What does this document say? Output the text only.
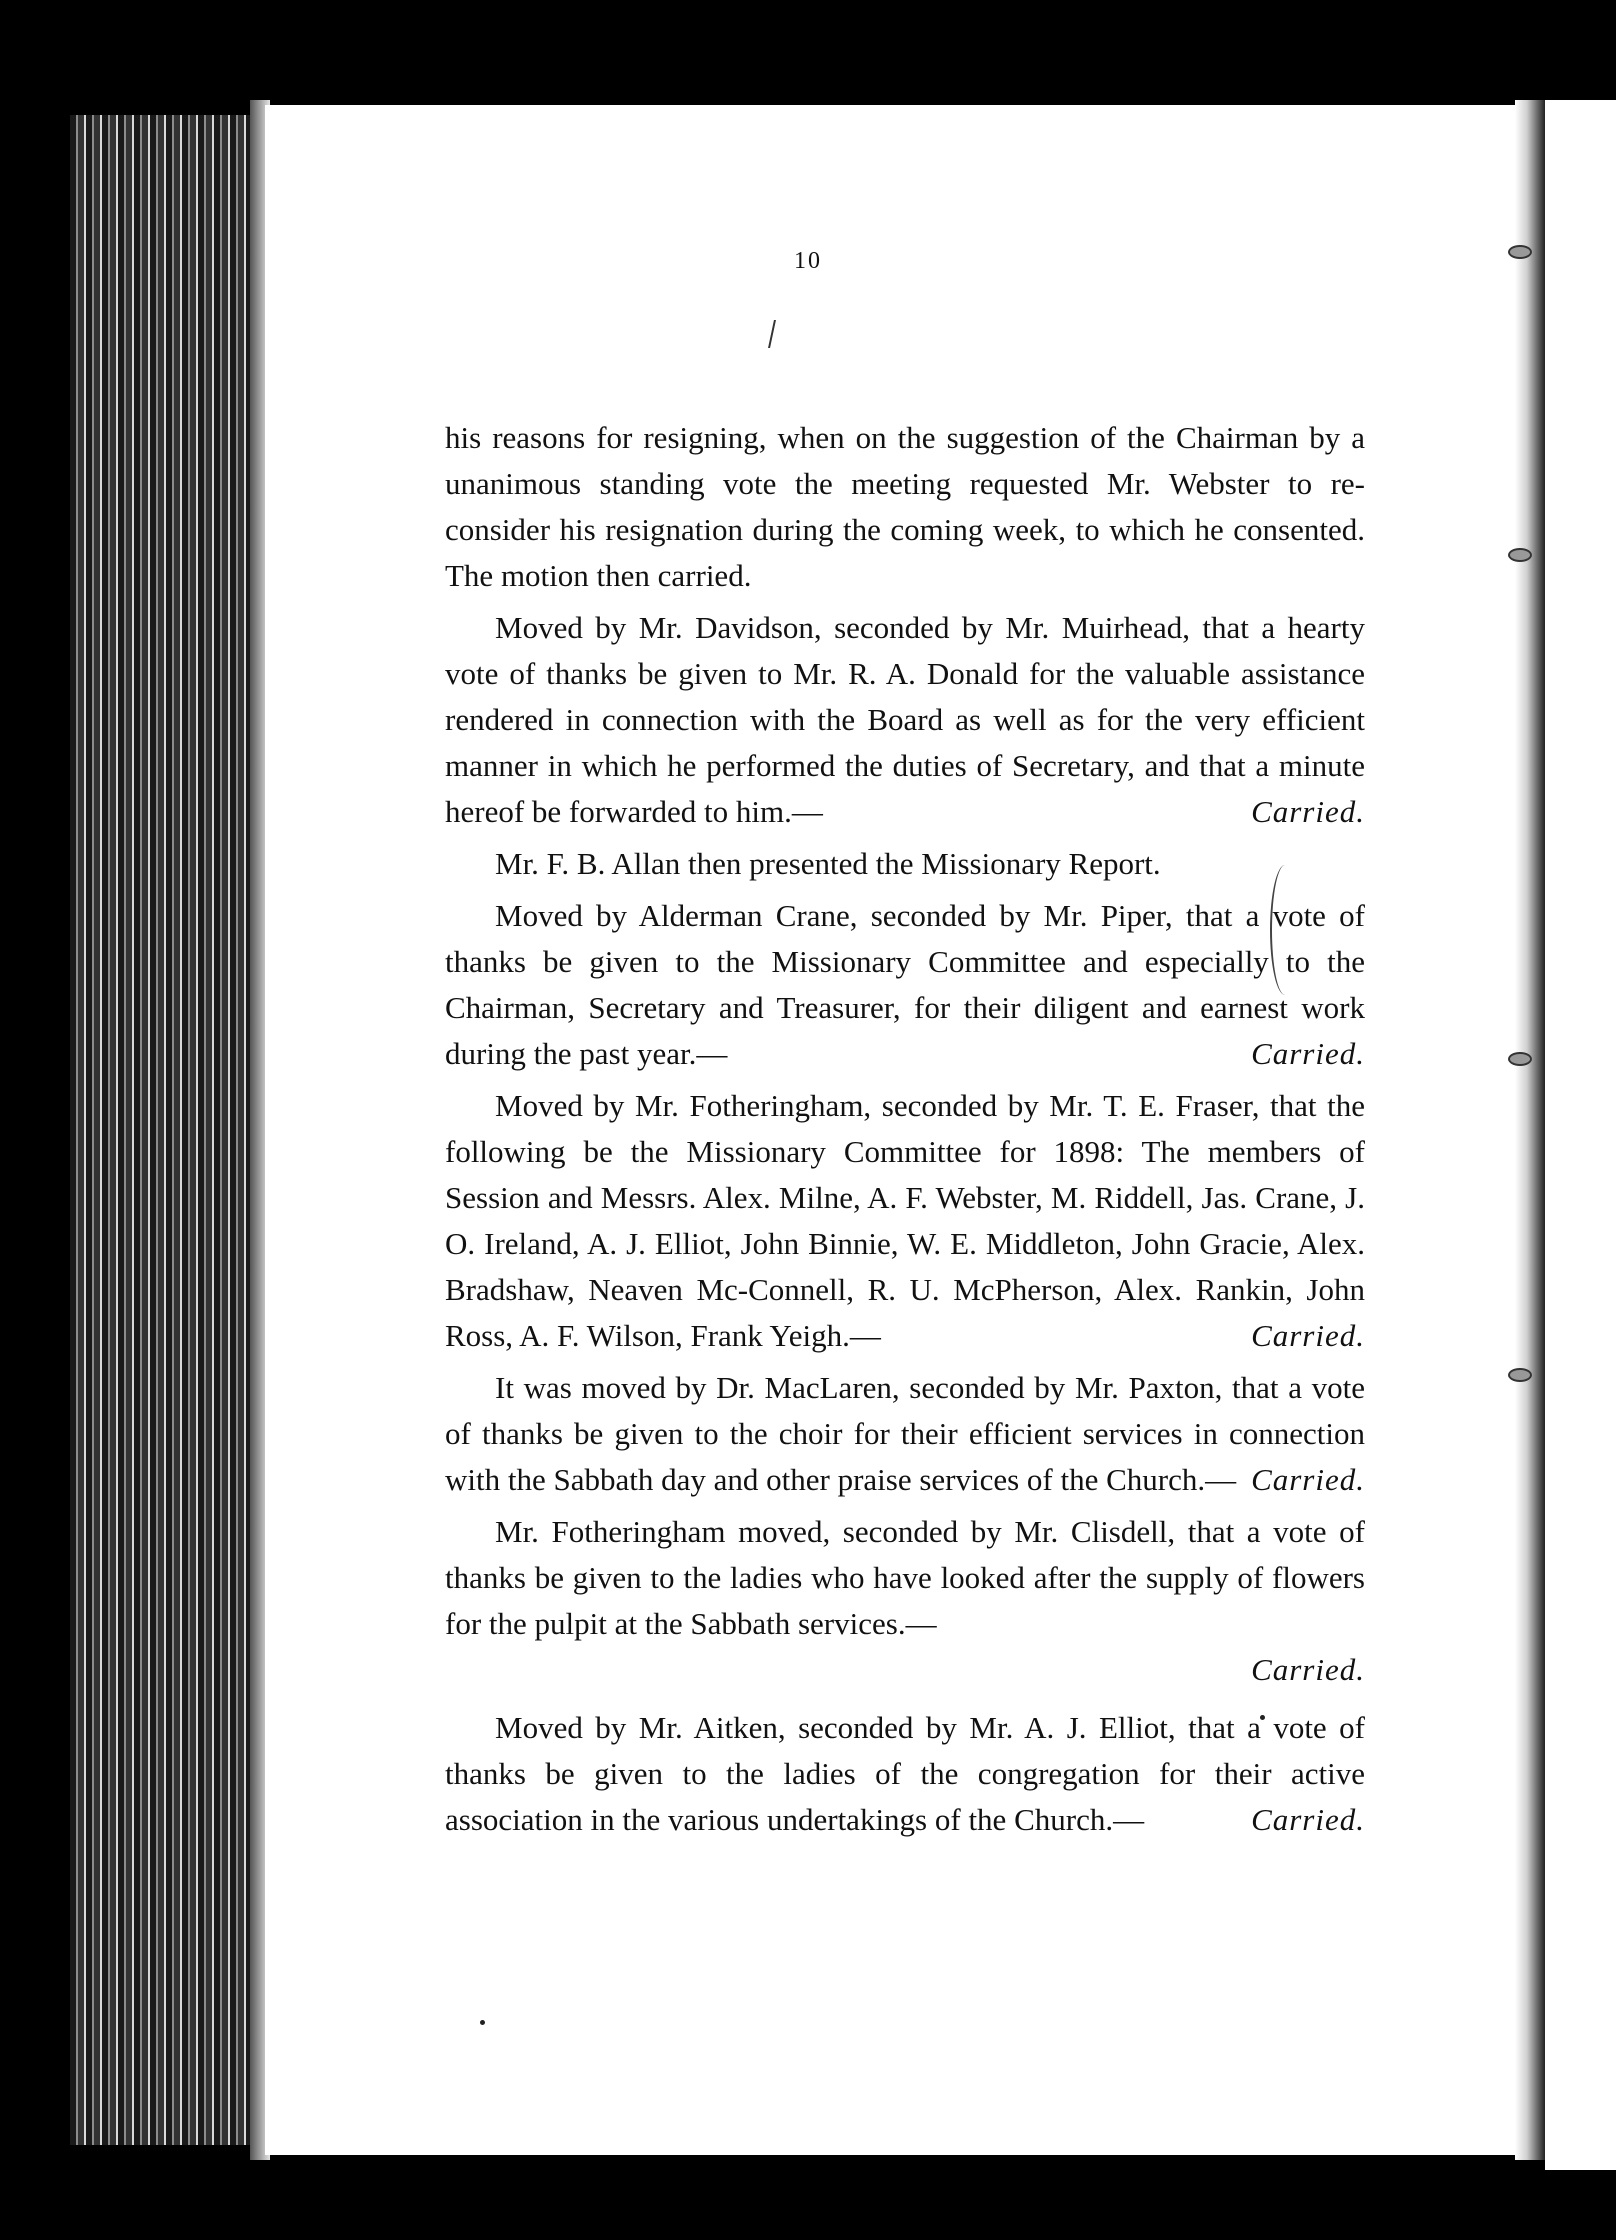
10
his reasons for resigning, when on the suggestion of the Chairman by a unanimous standing vote the meeting requested Mr. Webster to re-consider his resignation during the coming week, to which he consented. The motion then carried.
Moved by Mr. Davidson, seconded by Mr. Muirhead, that a hearty vote of thanks be given to Mr. R. A. Donald for the valuable assistance rendered in connection with the Board as well as for the very efficient manner in which he performed the duties of Secretary, and that a minute hereof be forwarded to him.—	Carried.
Mr. F. B. Allan then presented the Missionary Report.
Moved by Alderman Crane, seconded by Mr. Piper, that a vote of thanks be given to the Missionary Committee and especially to the Chairman, Secretary and Treasurer, for their diligent and earnest work during the past year.—	Carried.
Moved by Mr. Fotheringham, seconded by Mr. T. E. Fraser, that the following be the Missionary Committee for 1898: The members of Session and Messrs. Alex. Milne, A. F. Webster, M. Riddell, Jas. Crane, J. O. Ireland, A. J. Elliot, John Binnie, W. E. Middleton, John Gracie, Alex. Bradshaw, Neaven Mc-Connell, R. U. McPherson, Alex. Rankin, John Ross, A. F. Wilson, Frank Yeigh.—	Carried.
It was moved by Dr. MacLaren, seconded by Mr. Paxton, that a vote of thanks be given to the choir for their efficient services in connection with the Sabbath day and other praise services of the Church.— Carried.
Mr. Fotheringham moved, seconded by Mr. Clisdell, that a vote of thanks be given to the ladies who have looked after the supply of flowers for the pulpit at the Sabbath services.—
Carried.
Moved by Mr. Aitken, seconded by Mr. A. J. Elliot, that a vote of thanks be given to the ladies of the congregation for their active association in the various undertakings of the Church.—	Carried.
